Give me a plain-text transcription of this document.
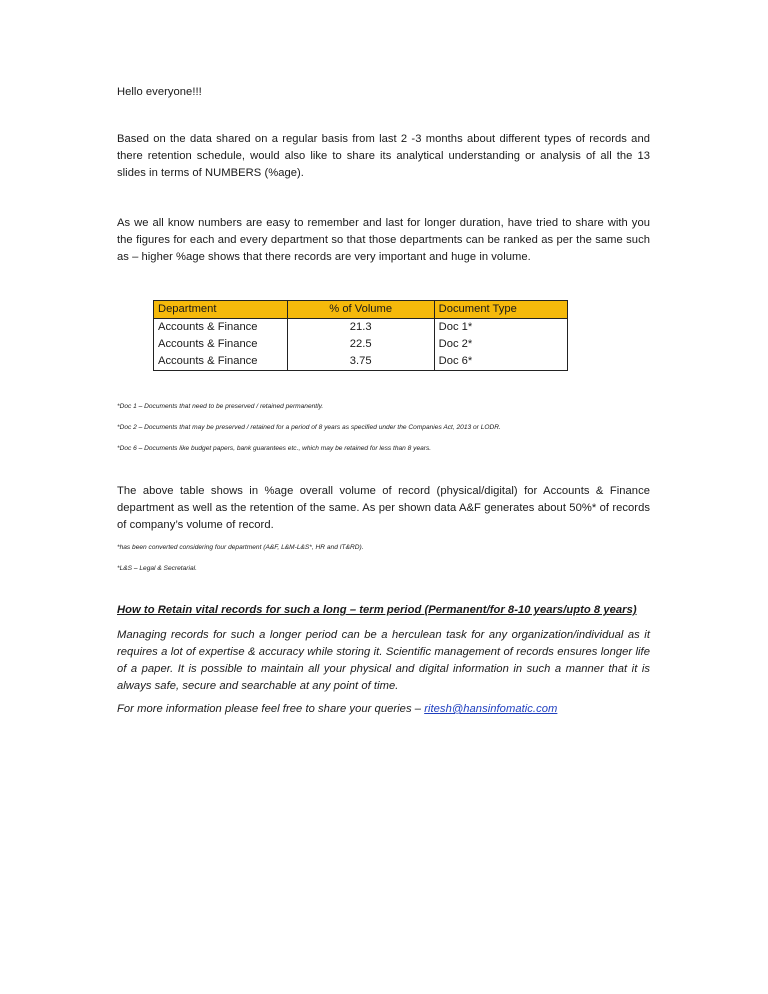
Hello everyone!!!

Based on the data shared on a regular basis from last 2 -3 months about different types of records and there retention schedule, would also like to share its analytical understanding or analysis of all the 13 slides in terms of NUMBERS (%age).

As we all know numbers are easy to remember and last for longer duration, have tried to share with you the figures for each and every department so that those departments can be ranked as per the same such as – higher %age shows that there records are very important and huge in volume.

Department	% of Volume	Document Type
Accounts & Finance	21.3	Doc 1*
Accounts & Finance	22.5	Doc 2*
Accounts & Finance	3.75	Doc 6*

*Doc 1 – Documents that need to be preserved / retained permanently.

*Doc 2 – Documents that may be preserved / retained for a period of 8 years as specified under the Companies Act, 2013 or LODR.

*Doc 6 – Documents like budget papers, bank guarantees etc., which may be retained for less than 8 years.

The above table shows in %age overall volume of record (physical/digital) for Accounts & Finance department as well as the retention of the same. As per shown data A&F generates about 50%* of records of company’s volume of record.

*has been converted considering four department (A&F, L&M-L&S*, HR and IT&RD).

*L&S – Legal & Secretarial.

How to Retain vital records for such a long – term period (Permanent/for 8-10 years/upto 8 years)

Managing records for such a longer period can be a herculean task for any organization/individual as it requires a lot of expertise & accuracy while storing it. Scientific management of records ensures longer life of a paper. It is possible to maintain all your physical and digital information in such a manner that it is always safe, secure and searchable at any point of time.

For more information please feel free to share your queries – ritesh@hansinfomatic.com
